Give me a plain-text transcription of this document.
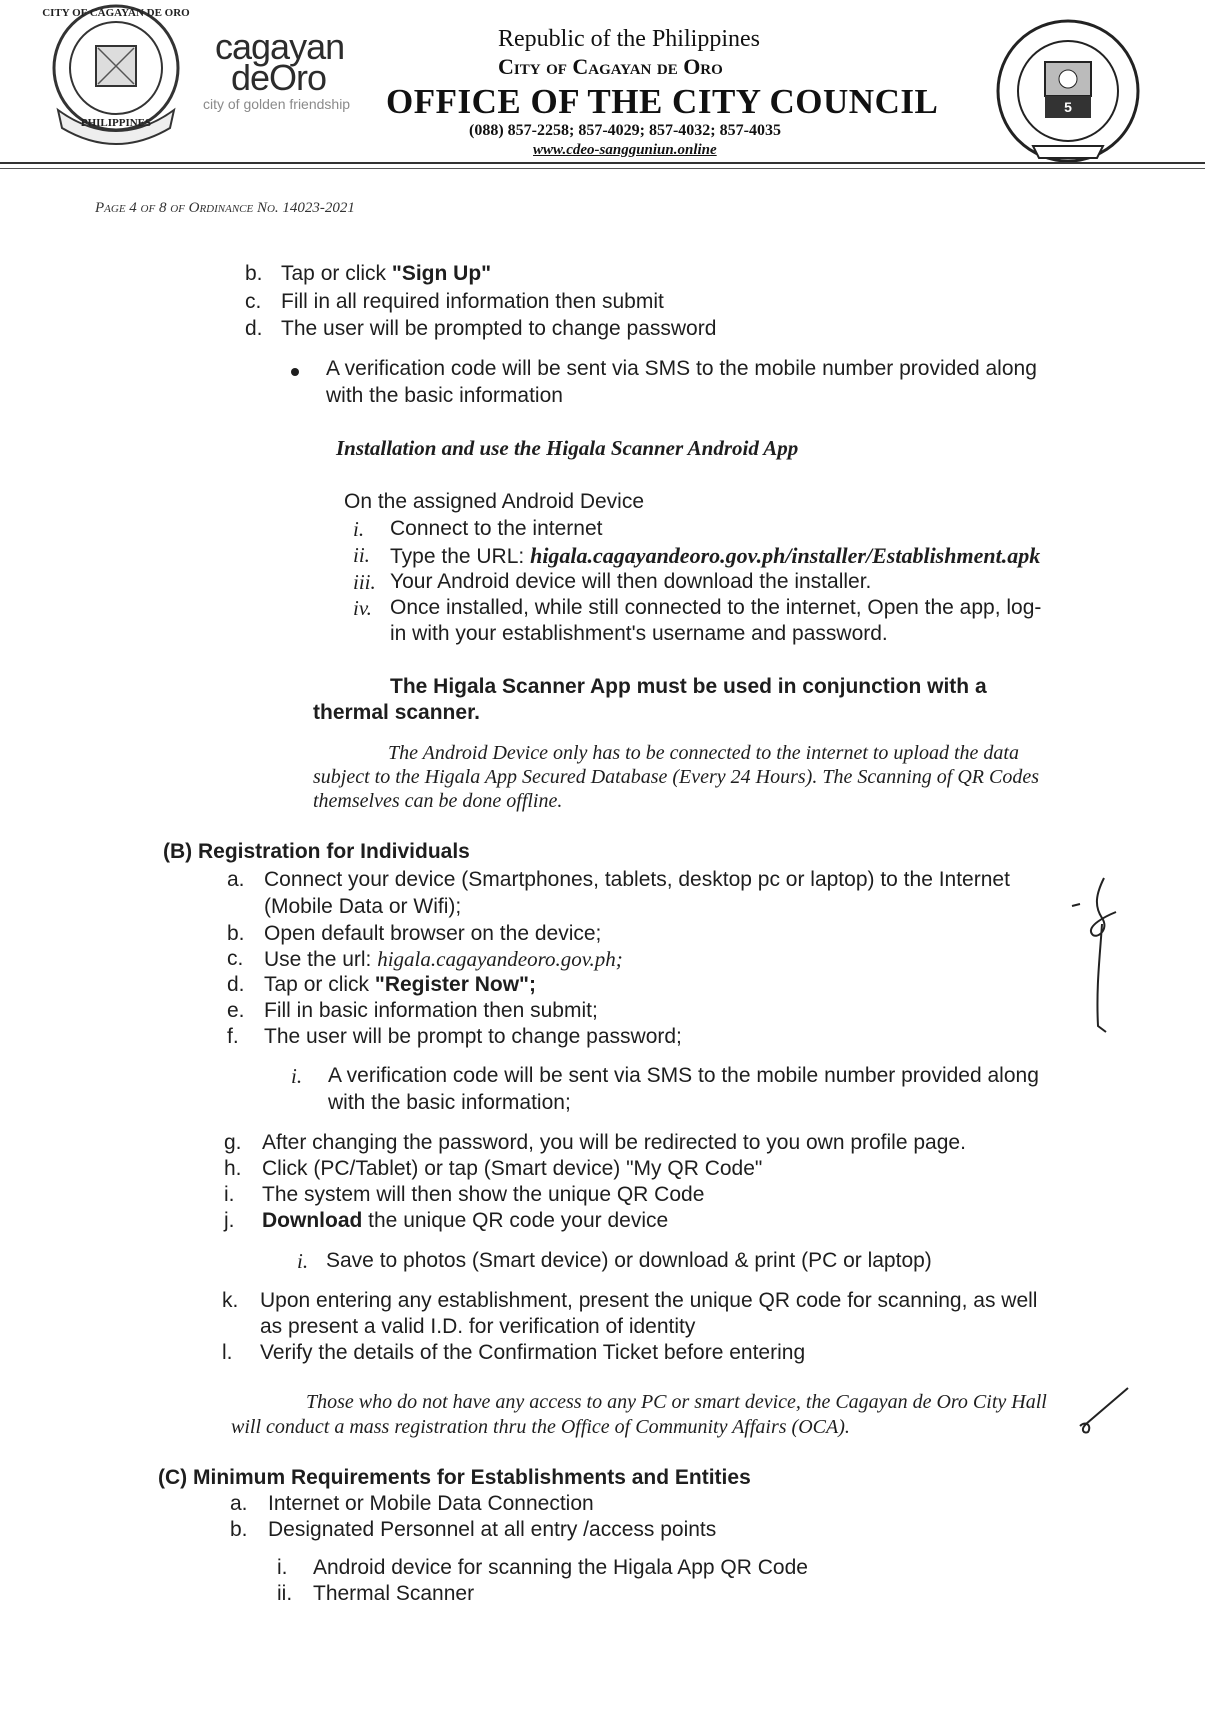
CITY OF CAGAYAN DE ORO
PHILIPPINES
cagayan
deOro
city of golden friendship
Republic of the Philippines
City of Cagayan de Oro
OFFICE OF THE CITY COUNCIL
(088) 857-2258; 857-4029; 857-4032; 857-4035
www.cdeo-sangguniun.online
5
Page 4 of 8 of Ordinance No. 14023-2021
b. Tap or click "Sign Up"
c. Fill in all required information then submit
d. The user will be prompted to change password
A verification code will be sent via SMS to the mobile number provided along
with the basic information
Installation and use the Higala Scanner Android App
On the assigned Android Device
i. Connect to the internet
ii. Type the URL: higala.cagayandeoro.gov.ph/installer/Establishment.apk
iii. Your Android device will then download the installer.
iv. Once installed, while still connected to the internet, Open the app, log-
in with your establishment's username and password.
The Higala Scanner App must be used in conjunction with a
thermal scanner.
The Android Device only has to be connected to the internet to upload the data
subject to the Higala App Secured Database (Every 24 Hours). The Scanning of QR Codes
themselves can be done offline.
(B) Registration for Individuals
a. Connect your device (Smartphones, tablets, desktop pc or laptop) to the Internet
(Mobile Data or Wifi);
b. Open default browser on the device;
c. Use the url: higala.cagayandeoro.gov.ph;
d. Tap or click "Register Now";
e. Fill in basic information then submit;
f. The user will be prompt to change password;
i. A verification code will be sent via SMS to the mobile number provided along
with the basic information;
g. After changing the password, you will be redirected to you own profile page.
h. Click (PC/Tablet) or tap (Smart device) "My QR Code"
i. The system will then show the unique QR Code
j. Download the unique QR code your device
i. Save to photos (Smart device) or download & print (PC or laptop)
k. Upon entering any establishment, present the unique QR code for scanning, as well
as present a valid I.D. for verification of identity
l. Verify the details of the Confirmation Ticket before entering
Those who do not have any access to any PC or smart device, the Cagayan de Oro City Hall
will conduct a mass registration thru the Office of Community Affairs (OCA).
(C) Minimum Requirements for Establishments and Entities
a. Internet or Mobile Data Connection
b. Designated Personnel at all entry /access points
i. Android device for scanning the Higala App QR Code
ii. Thermal Scanner
